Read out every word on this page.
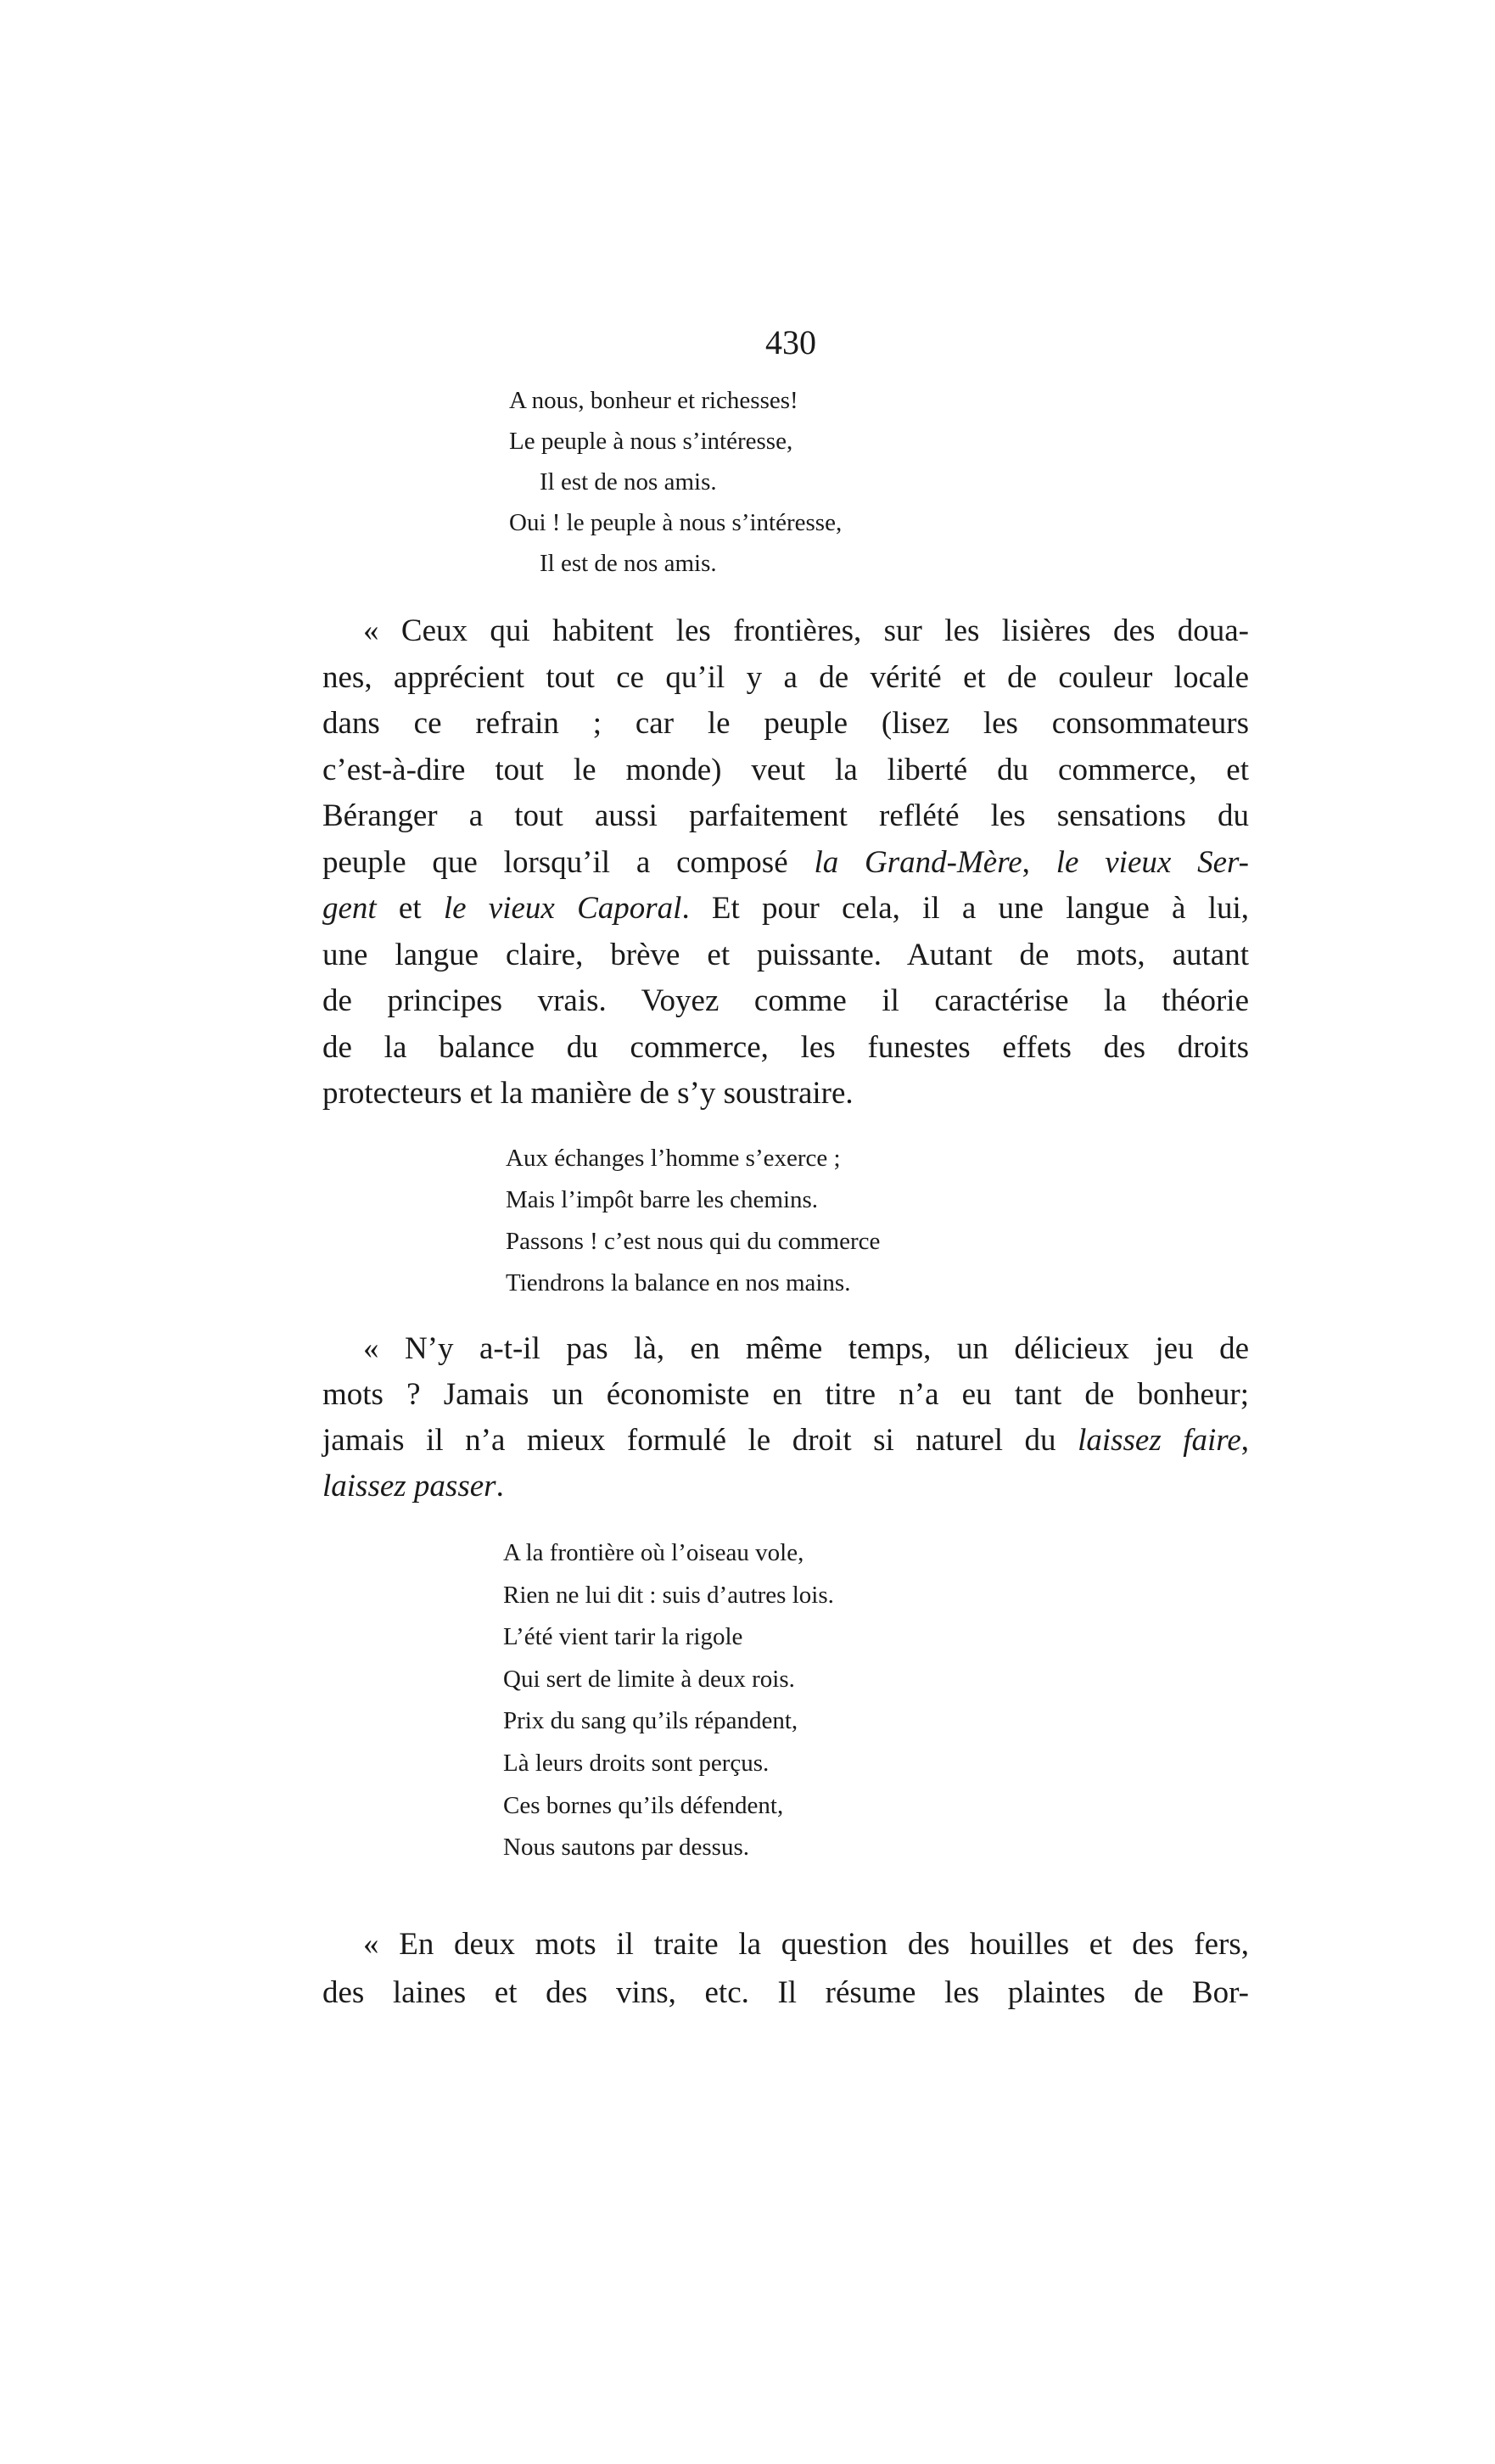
430
A nous, bonheur et richesses!
Le peuple à nous s’intéresse,
Il est de nos amis.
Oui ! le peuple à nous s’intéresse,
Il est de nos amis.
« Ceux qui habitent les frontières, sur les lisières des doua-
nes, apprécient tout ce qu’il y a de vérité et de couleur locale
dans ce refrain ; car le peuple (lisez les consommateurs
c’est-à-dire tout le monde) veut la liberté du commerce, et
Béranger a tout aussi parfaitement reflété les sensations du
peuple que lorsqu’il a composé la Grand-Mère, le vieux Ser-
gent et le vieux Caporal. Et pour cela, il a une langue à lui,
une langue claire, brève et puissante. Autant de mots, autant
de principes vrais. Voyez comme il caractérise la théorie
de la balance du commerce, les funestes effets des droits
protecteurs et la manière de s’y soustraire.
Aux échanges l’homme s’exerce ;
Mais l’impôt barre les chemins.
Passons ! c’est nous qui du commerce
Tiendrons la balance en nos mains.
« N’y a-t-il pas là, en même temps, un délicieux jeu de
mots ? Jamais un économiste en titre n’a eu tant de bonheur;
jamais il n’a mieux formulé le droit si naturel du laissez faire,
laissez passer.
A la frontière où l’oiseau vole,
Rien ne lui dit : suis d’autres lois.
L’été vient tarir la rigole
Qui sert de limite à deux rois.
Prix du sang qu’ils répandent,
Là leurs droits sont perçus.
Ces bornes qu’ils défendent,
Nous sautons par dessus.
« En deux mots il traite la question des houilles et des fers,
des laines et des vins, etc. Il résume les plaintes de Bor-
